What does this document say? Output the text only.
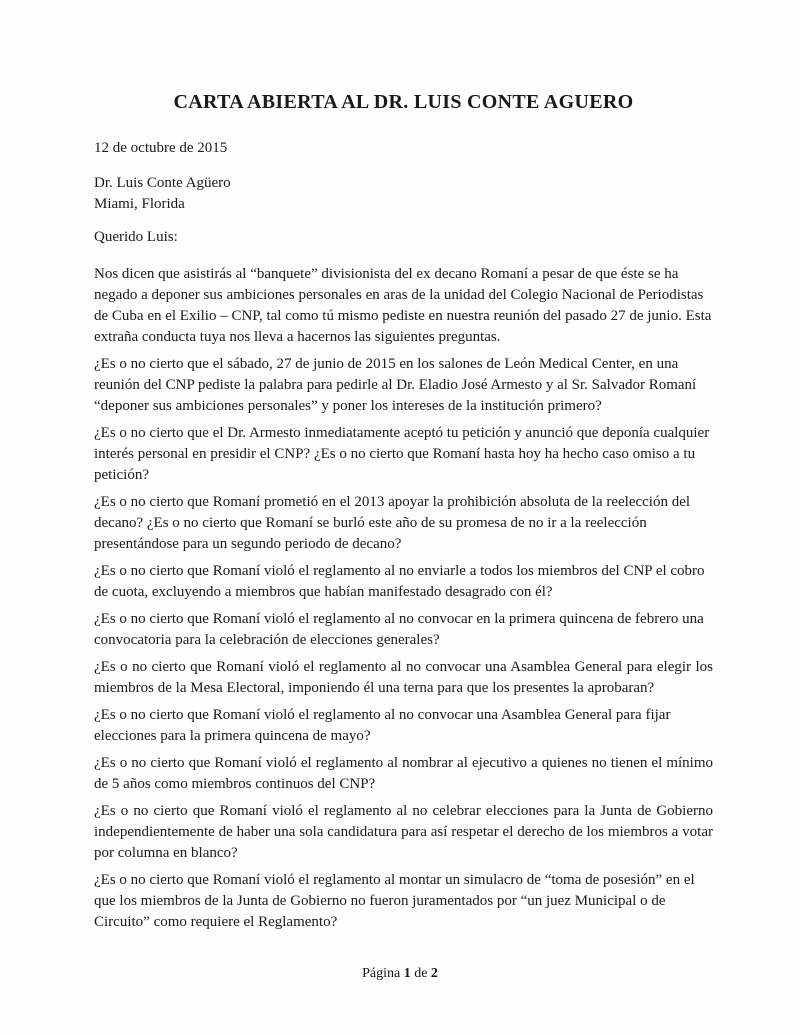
CARTA ABIERTA AL DR. LUIS CONTE AGUERO

12 de octubre de 2015

Dr. Luis Conte Agüero

Miami, Florida

Querido Luis:

Nos dicen que asistirás al “banquete” divisionista del ex decano Romaní a pesar de que éste se ha negado a deponer sus ambiciones personales en aras de la unidad del Colegio Nacional de Periodistas de Cuba en el Exilio – CNP, tal como tú mismo pediste en nuestra reunión del pasado 27 de junio. Esta extraña conducta tuya nos lleva a hacernos las siguientes preguntas.

¿Es o no cierto que el sábado, 27 de junio de 2015 en los salones de León Medical Center, en una reunión del CNP pediste la palabra para pedirle al Dr. Eladio José Armesto y al Sr. Salvador Romaní “deponer sus ambiciones personales” y poner los intereses de la institución primero?

¿Es o no cierto que el Dr. Armesto inmediatamente aceptó tu petición y anunció que deponía cualquier interés personal en presidir el CNP? ¿Es o no cierto que Romaní hasta hoy ha hecho caso omiso a tu petición?

¿Es o no cierto que Romaní prometió en el 2013 apoyar la prohibición absoluta de la reelección del decano? ¿Es o no cierto que Romaní se burló este año de su promesa de no ir a la reelección presentándose para un segundo periodo de decano?

¿Es o no cierto que Romaní violó el reglamento al no enviarle a todos los miembros del CNP el cobro de cuota, excluyendo a miembros que habían manifestado desagrado con él?

¿Es o no cierto que Romaní violó el reglamento al no convocar en la primera quincena de febrero una convocatoria para la celebración de elecciones generales?

¿Es o no cierto que Romaní violó el reglamento al no convocar una Asamblea General para elegir los miembros de la Mesa Electoral, imponiendo él una terna para que los presentes la aprobaran?

¿Es o no cierto que Romaní violó el reglamento al no convocar una Asamblea General para fijar elecciones para la primera quincena de mayo?

¿Es o no cierto que Romaní violó el reglamento al nombrar al ejecutivo a quienes no tienen el mínimo de 5 años como miembros continuos del CNP?

¿Es o no cierto que Romaní violó el reglamento al no celebrar elecciones para la Junta de Gobierno independientemente de haber una sola candidatura para así respetar el derecho de los miembros a votar por columna en blanco?

¿Es o no cierto que Romaní violó el reglamento al montar un simulacro de “toma de posesión” en el que los miembros de la Junta de Gobierno no fueron juramentados por “un juez Municipal o de Circuito” como requiere el Reglamento?

Página 1 de 2
